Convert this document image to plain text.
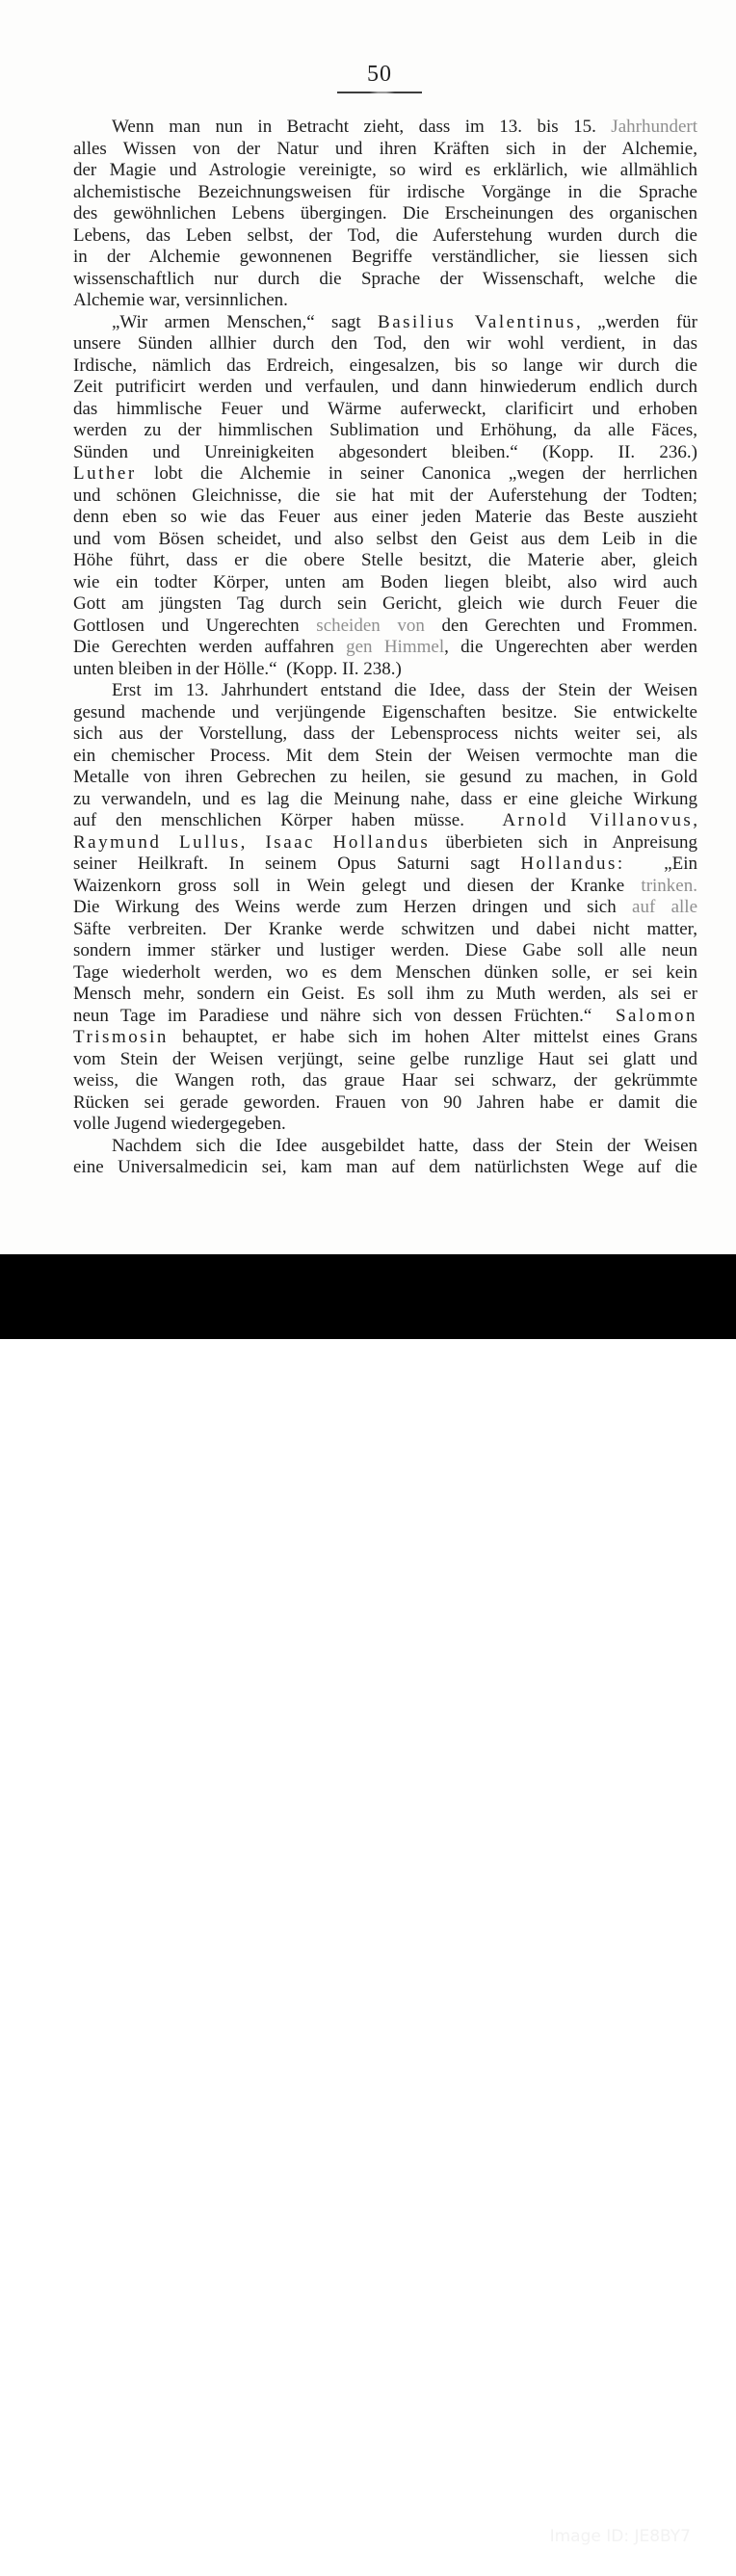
50
Wenn man nun in Betracht zieht, dass im 13. bis 15. Jahrhundert
alles Wissen von der Natur und ihren Kräften sich in der Alchemie,
der Magie und Astrologie vereinigte, so wird es erklärlich, wie allmählich
alchemistische Bezeichnungsweisen für irdische Vorgänge in die Sprache
des gewöhnlichen Lebens übergingen. Die Erscheinungen des organischen
Lebens, das Leben selbst, der Tod, die Auferstehung wurden durch die
in der Alchemie gewonnenen Begriffe verständlicher, sie liessen sich
wissenschaftlich nur durch die Sprache der Wissenschaft, welche die
Alchemie war, versinnlichen.
„Wir armen Menschen,“ sagt Basilius Valentinus, „werden für
unsere Sünden allhier durch den Tod, den wir wohl verdient, in das
Irdische, nämlich das Erdreich, eingesalzen, bis so lange wir durch die
Zeit putrificirt werden und verfaulen, und dann hinwiederum endlich durch
das himmlische Feuer und Wärme auferweckt, clarificirt und erhoben
werden zu der himmlischen Sublimation und Erhöhung, da alle Fäces,
Sünden und Unreinigkeiten abgesondert bleiben.“ (Kopp. II. 236.)
Luther lobt die Alchemie in seiner Canonica „wegen der herrlichen
und schönen Gleichnisse, die sie hat mit der Auferstehung der Todten;
denn eben so wie das Feuer aus einer jeden Materie das Beste auszieht
und vom Bösen scheidet, und also selbst den Geist aus dem Leib in die
Höhe führt, dass er die obere Stelle besitzt, die Materie aber, gleich
wie ein todter Körper, unten am Boden liegen bleibt, also wird auch
Gott am jüngsten Tag durch sein Gericht, gleich wie durch Feuer die
Gottlosen und Ungerechten scheiden von den Gerechten und Frommen.
Die Gerechten werden auffahren gen Himmel, die Ungerechten aber werden
unten bleiben in der Hölle.“  (Kopp. II. 238.)
Erst im 13. Jahrhundert entstand die Idee, dass der Stein der Weisen
gesund machende und verjüngende Eigenschaften besitze. Sie entwickelte
sich aus der Vorstellung, dass der Lebensprocess nichts weiter sei, als
ein chemischer Process. Mit dem Stein der Weisen vermochte man die
Metalle von ihren Gebrechen zu heilen, sie gesund zu machen, in Gold
zu verwandeln, und es lag die Meinung nahe, dass er eine gleiche Wirkung
auf den menschlichen Körper haben müsse.  Arnold Villanovus,
Raymund Lullus, Isaac Hollandus überbieten sich in Anpreisung
seiner Heilkraft. In seinem Opus Saturni sagt Hollandus:  „Ein
Waizenkorn gross soll in Wein gelegt und diesen der Kranke trinken.
Die Wirkung des Weins werde zum Herzen dringen und sich auf alle
Säfte verbreiten. Der Kranke werde schwitzen und dabei nicht matter,
sondern immer stärker und lustiger werden. Diese Gabe soll alle neun
Tage wiederholt werden, wo es dem Menschen dünken solle, er sei kein
Mensch mehr, sondern ein Geist. Es soll ihm zu Muth werden, als sei er
neun Tage im Paradiese und nähre sich von dessen Früchten.“  Salomon
Trismosin behauptet, er habe sich im hohen Alter mittelst eines Grans
vom Stein der Weisen verjüngt, seine gelbe runzlige Haut sei glatt und
weiss, die Wangen roth, das graue Haar sei schwarz, der gekrümmte
Rücken sei gerade geworden. Frauen von 90 Jahren habe er damit die
volle Jugend wiedergegeben.
Nachdem sich die Idee ausgebildet hatte, dass der Stein der Weisen
eine Universalmedicin sei, kam man auf dem natürlichsten Wege auf die
alamy	Image ID: JE8BY7
www.alamy.com
